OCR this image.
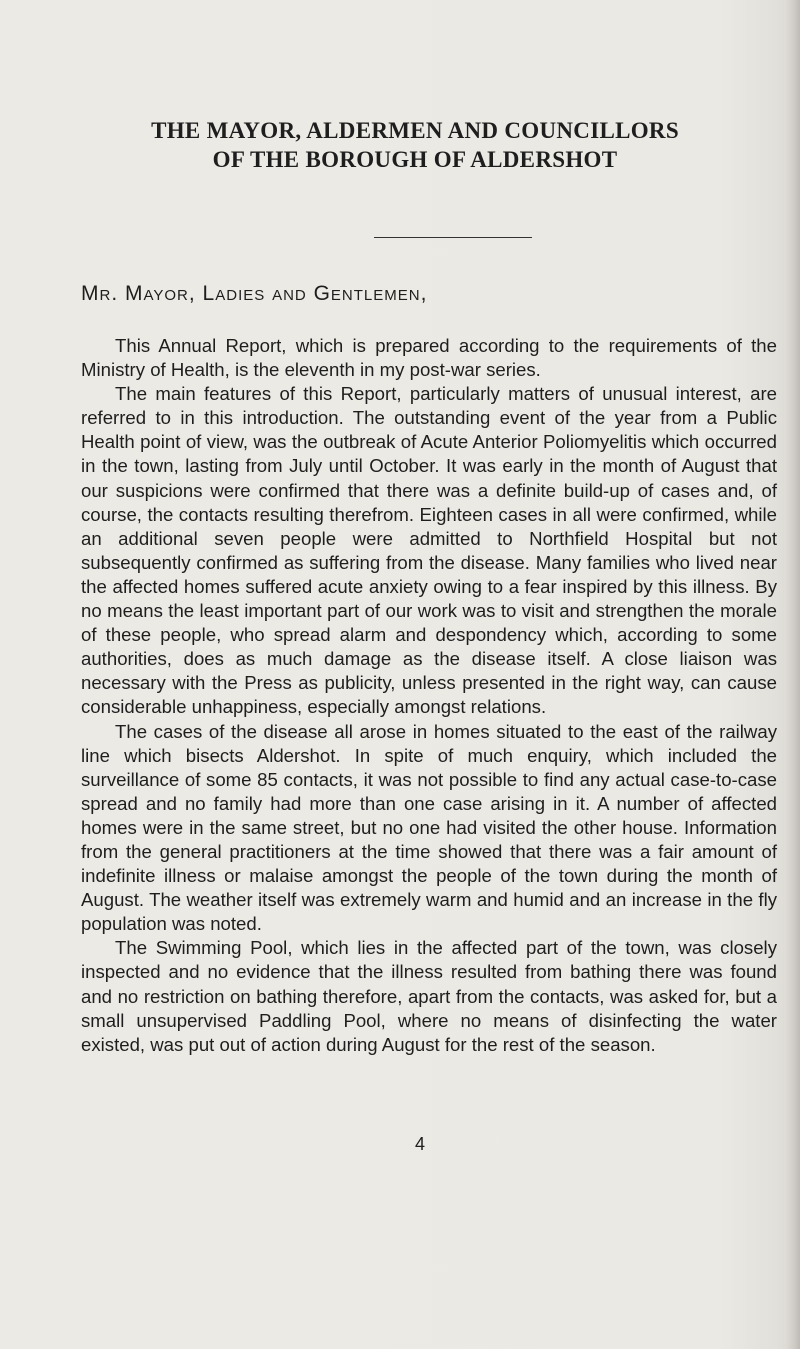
THE MAYOR, ALDERMEN AND COUNCILLORS
OF THE BOROUGH OF ALDERSHOT
Mr. Mayor, Ladies and Gentlemen,

This Annual Report, which is prepared according to the requirements of the Ministry of Health, is the eleventh in my post-war series.

The main features of this Report, particularly matters of unusual interest, are referred to in this introduction. The outstanding event of the year from a Public Health point of view, was the outbreak of Acute Anterior Poliomyelitis which occurred in the town, lasting from July until October. It was early in the month of August that our suspicions were confirmed that there was a definite build-up of cases and, of course, the contacts resulting therefrom. Eighteen cases in all were confirmed, while an additional seven people were admitted to Northfield Hospital but not subsequently confirmed as suffering from the disease. Many families who lived near the affected homes suffered acute anxiety owing to a fear inspired by this illness. By no means the least important part of our work was to visit and strengthen the morale of these people, who spread alarm and despondency which, according to some authorities, does as much damage as the disease itself. A close liaison was necessary with the Press as publicity, unless presented in the right way, can cause considerable unhappiness, especially amongst relations.

The cases of the disease all arose in homes situated to the east of the railway line which bisects Aldershot. In spite of much enquiry, which included the surveillance of some 85 contacts, it was not possible to find any actual case-to-case spread and no family had more than one case arising in it. A number of affected homes were in the same street, but no one had visited the other house. Information from the general practitioners at the time showed that there was a fair amount of indefinite illness or malaise amongst the people of the town during the month of August. The weather itself was extremely warm and humid and an increase in the fly population was noted.

The Swimming Pool, which lies in the affected part of the town, was closely inspected and no evidence that the illness resulted from bathing there was found and no restriction on bathing therefore, apart from the contacts, was asked for, but a small unsupervised Paddling Pool, where no means of disinfecting the water existed, was put out of action during August for the rest of the season.

4
